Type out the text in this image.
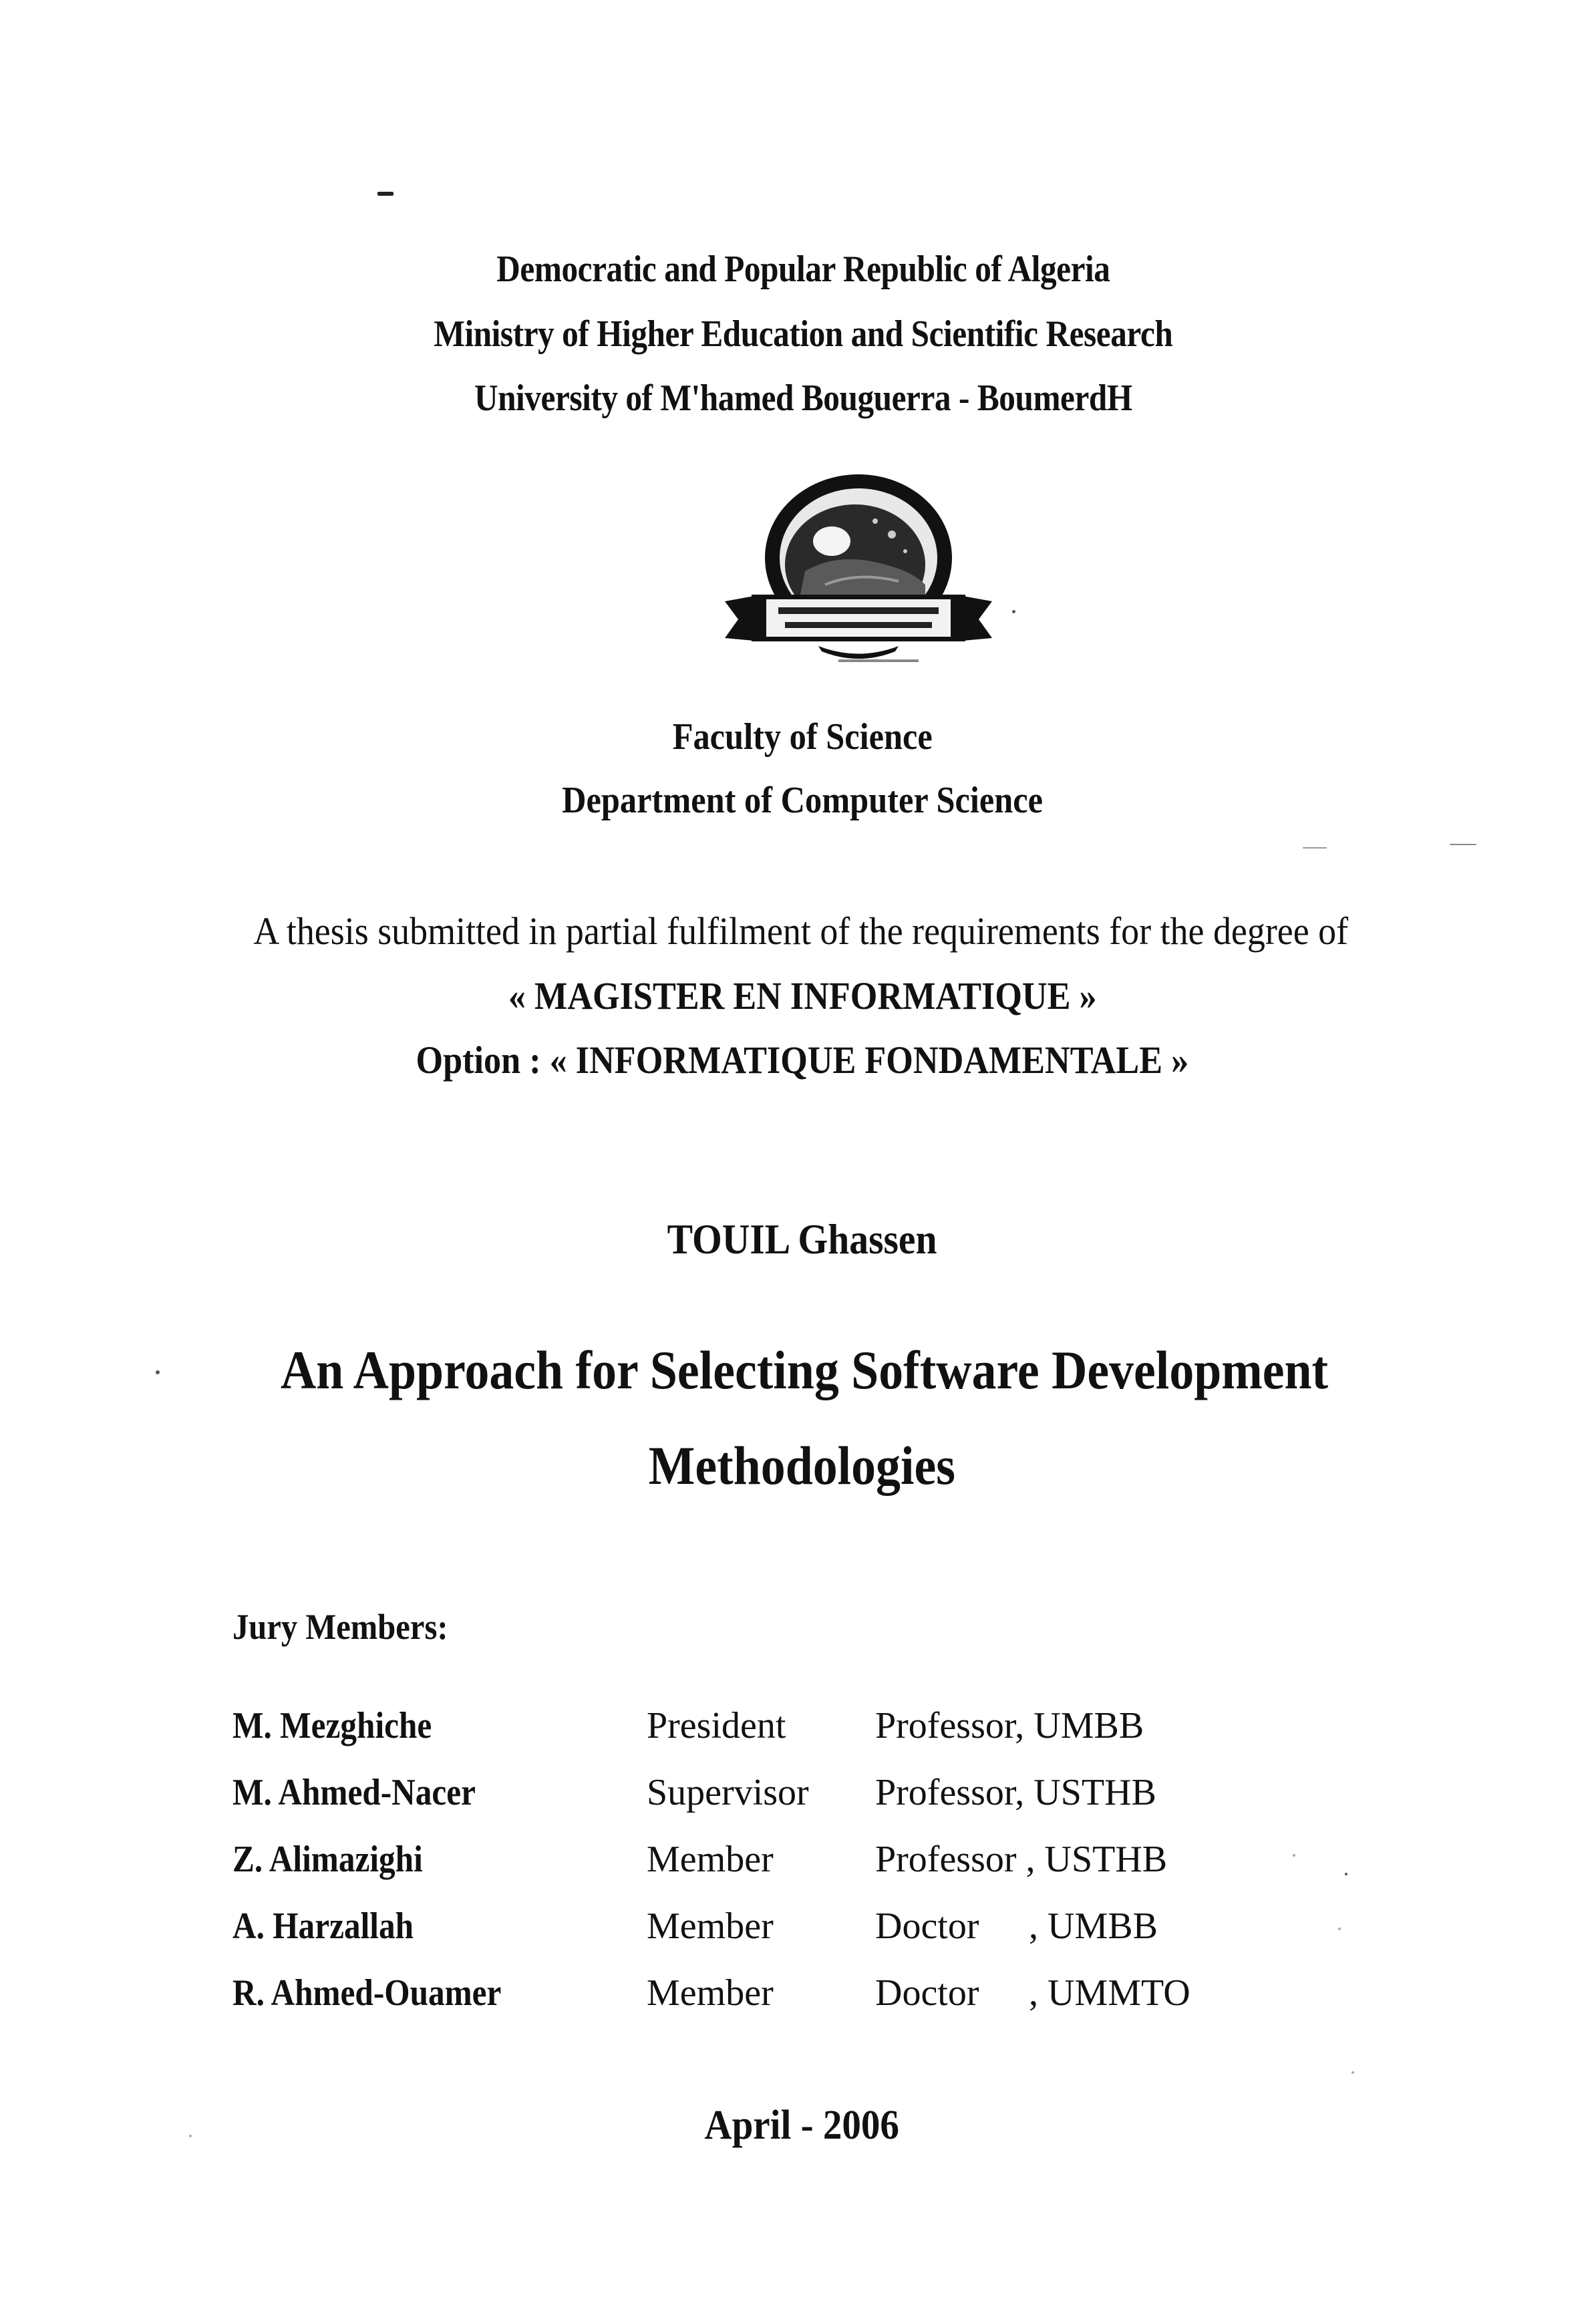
Democratic and Popular Republic of Algeria
Ministry of Higher Education and Scientific Research
University of M'hamed Bouguerra - BoumerdH
Faculty of Science
Department of Computer Science
A thesis submitted in partial fulfilment of the requirements for the degree of
« MAGISTER EN INFORMATIQUE »
Option : « INFORMATIQUE FONDAMENTALE »
TOUIL Ghassen
An Approach for Selecting Software Development
Methodologies
Jury Members:
M. Mezghiche	President Professor, UMBB
M. Ahmed-Nacer	Supervisor Professor, USTHB
Z. Alimazighi	Member	Professor , USTHB
A. Harzallah	Member	Doctor , UMBB
R. Ahmed-Ouamer	Member	Doctor , UMMTO
April - 2006
